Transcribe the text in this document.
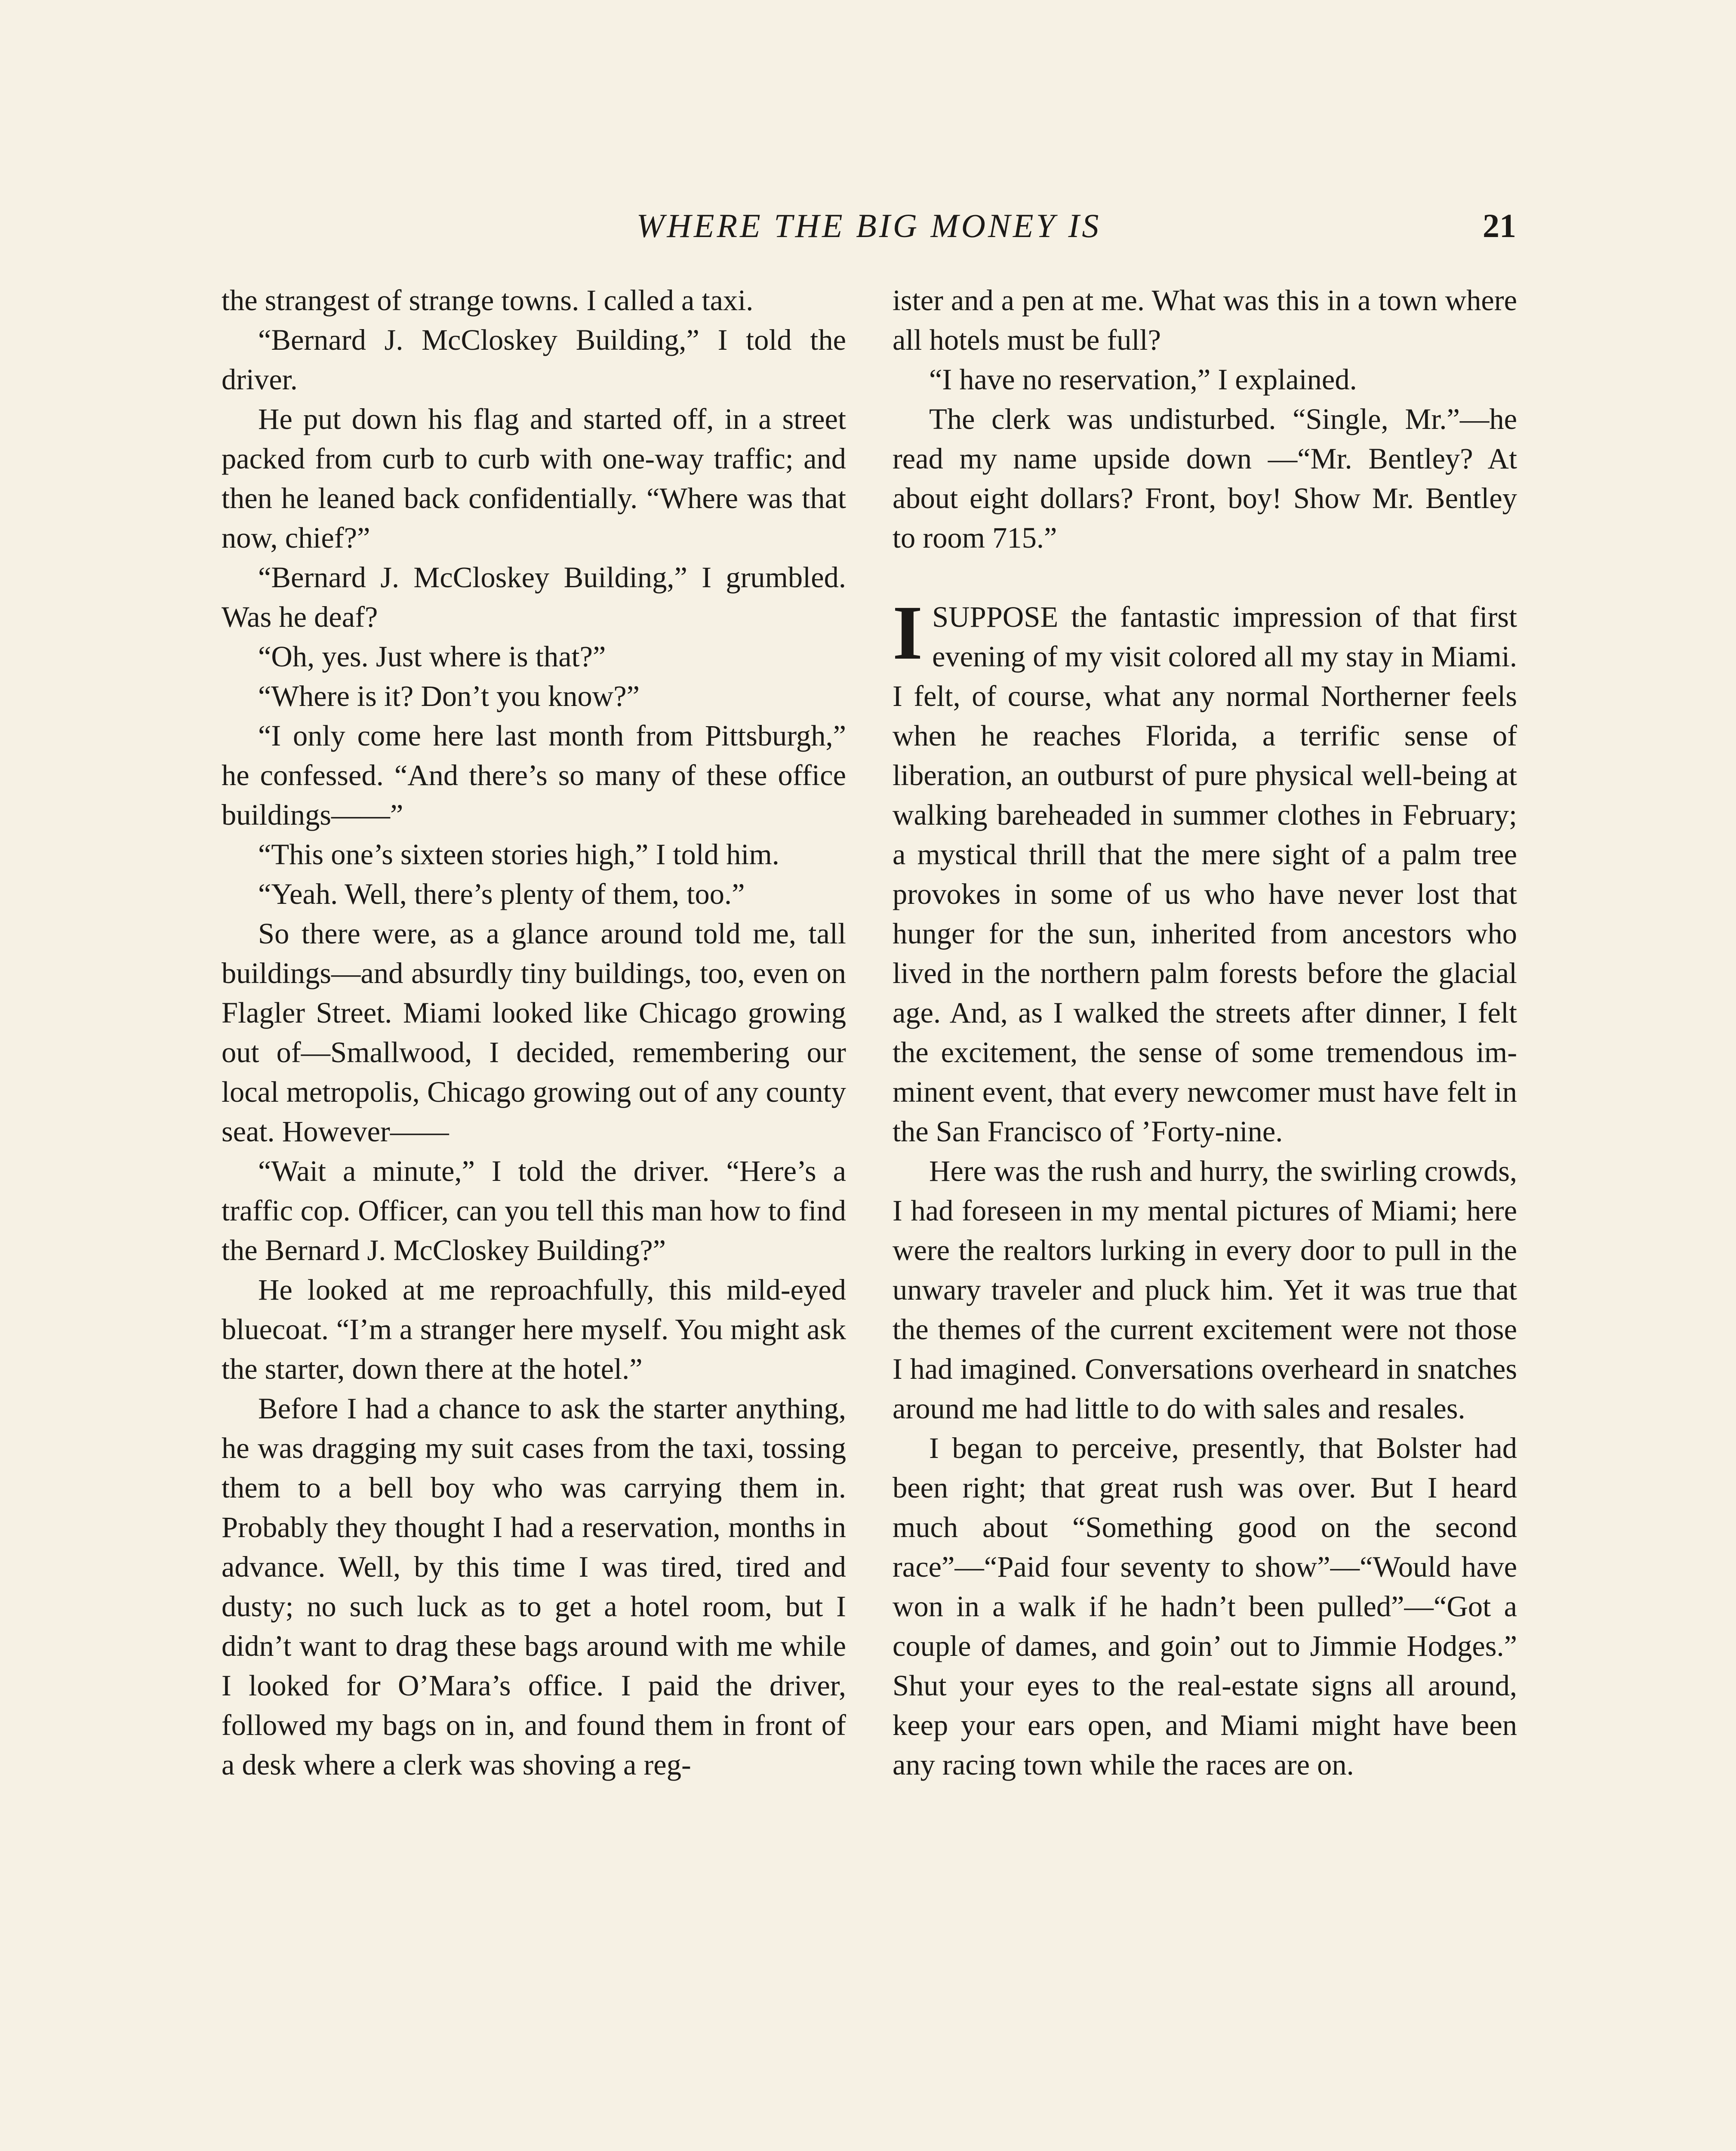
WHERE THE BIG MONEY IS	21

the strangest of strange towns. I called a taxi.

“Bernard J. McCloskey Building,” I told the driver.

He put down his flag and started off, in a street packed from curb to curb with one-way traffic; and then he leaned back confidentially. “Where was that now, chief?”

“Bernard J. McCloskey Building,” I grumbled. Was he deaf?

“Oh, yes. Just where is that?”

“Where is it? Don’t you know?”

“I only come here last month from Pittsburgh,” he confessed. “And there’s so many of these office buildings——”

“This one’s sixteen stories high,” I told him.

“Yeah. Well, there’s plenty of them, too.”

So there were, as a glance around told me, tall buildings—and absurdly tiny buildings, too, even on Flagler Street. Miami looked like Chicago growing out of—Smallwood, I decided, remembering our local metropolis, Chicago growing out of any county seat. However——

“Wait a minute,” I told the driver. “Here’s a traffic cop. Officer, can you tell this man how to find the Bernard J. McCloskey Building?”

He looked at me reproachfully, this mild-eyed bluecoat. “I’m a stranger here myself. You might ask the starter, down there at the hotel.”

Before I had a chance to ask the starter anything, he was dragging my suit cases from the taxi, tossing them to a bell boy who was carrying them in. Probably they thought I had a reservation, months in advance. Well, by this time I was tired, tired and dusty; no such luck as to get a hotel room, but I didn’t want to drag these bags around with me while I looked for O’Mara’s office. I paid the driver, followed my bags on in, and found them in front of a desk where a clerk was shoving a reg-

ister and a pen at me. What was this in a town where all hotels must be full?

“I have no reservation,” I explained.

The clerk was undisturbed. “Single, Mr.”—he read my name upside down —“Mr. Bentley? At about eight dollars? Front, boy! Show Mr. Bentley to room 715.”

ISUPPOSE the fantastic impression of that first evening of my visit colored all my stay in Miami. I felt, of course, what any normal Northerner feels when he reaches Florida, a terrific sense of liberation, an outburst of pure physical well-being at walking bareheaded in summer clothes in February; a mystical thrill that the mere sight of a palm tree provokes in some of us who have never lost that hunger for the sun, inherited from ancestors who lived in the northern palm forests before the glacial age. And, as I walked the streets after dinner, I felt the excitement, the sense of some tremendous imminent event, that every newcomer must have felt in the San Francisco of ’Forty-nine.

Here was the rush and hurry, the swirling crowds, I had foreseen in my mental pictures of Miami; here were the realtors lurking in every door to pull in the unwary traveler and pluck him. Yet it was true that the themes of the current excitement were not those I had imagined. Conversations overheard in snatches around me had little to do with sales and resales.

I began to perceive, presently, that Bolster had been right; that great rush was over. But I heard much about “Something good on the second race”—“Paid four seventy to show”—“Would have won in a walk if he hadn’t been pulled”—“Got a couple of dames, and goin’ out to Jimmie Hodges.” Shut your eyes to the real-estate signs all around, keep your ears open, and Miami might have been any racing town while the races are on.
